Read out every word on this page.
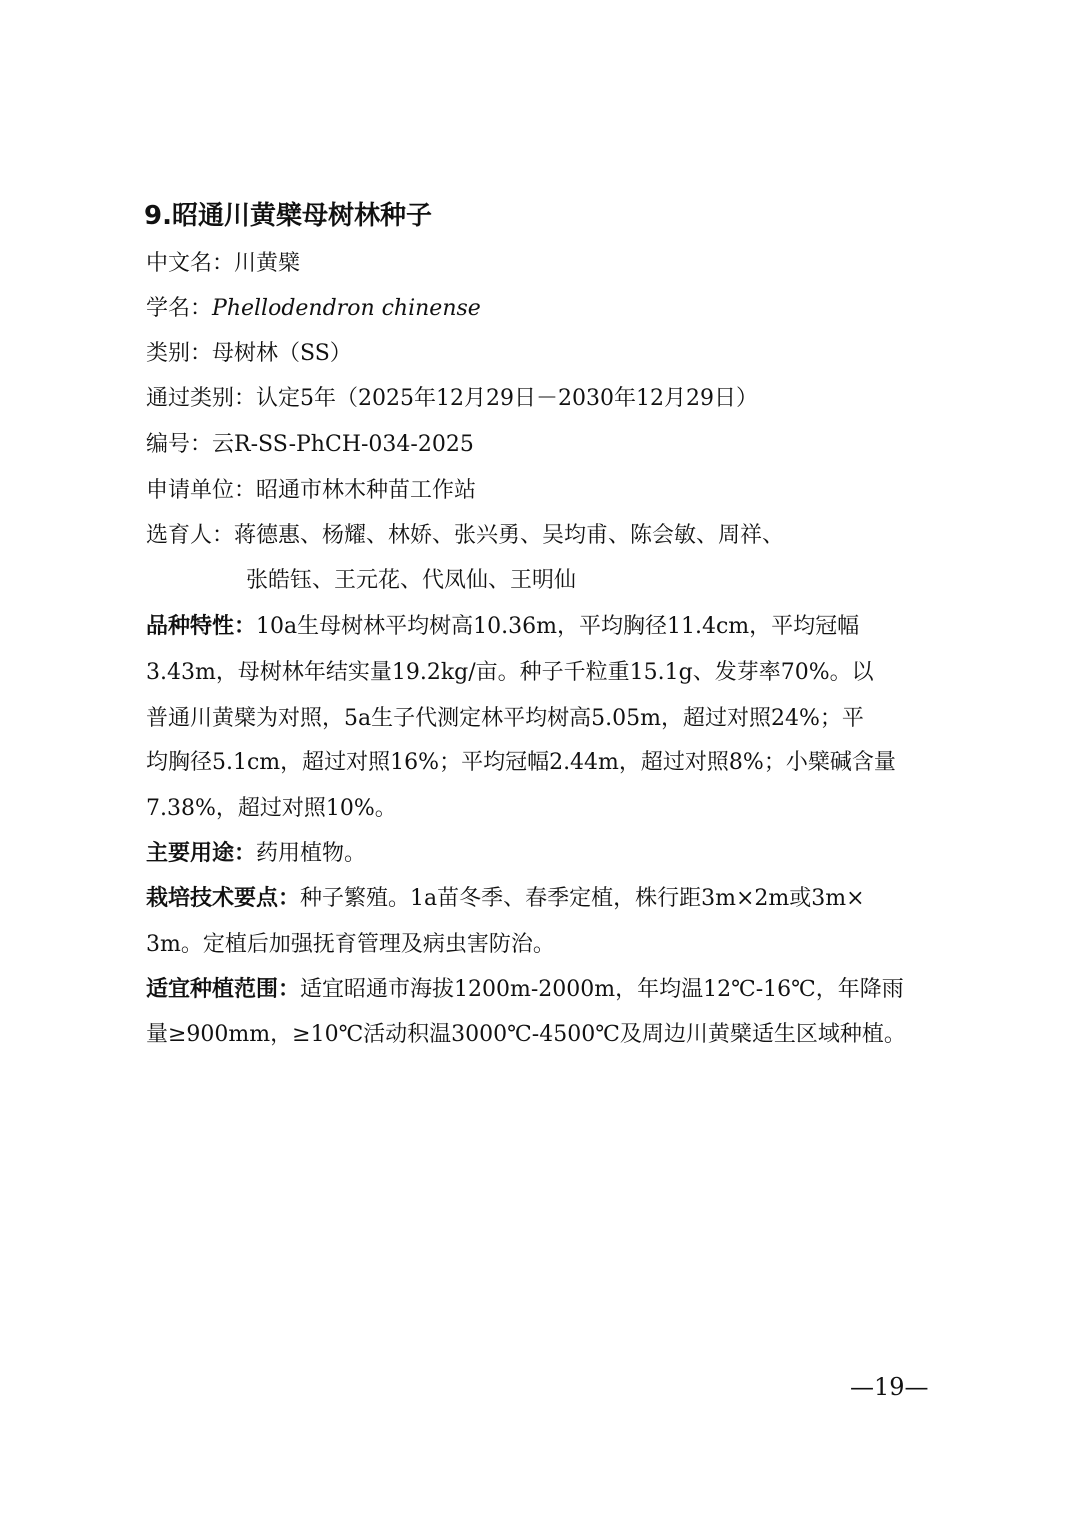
9.昭通川黄檗母树林种子
中文名：川黄檗
学名：Phellodendron chinense
类别：母树林（SS）
通过类别：认定5年（2025年12月29日－2030年12月29日）
编号：云R-SS-PhCH-034-2025
申请单位：昭通市林木种苗工作站
选育人：蒋德惠、杨耀、林娇、张兴勇、吴均甫、陈会敏、周祥、
张皓钰、王元花、代凤仙、王明仙
品种特性：10a生母树林平均树高10.36m，平均胸径11.4cm，平均冠幅
3.43m，母树林年结实量19.2kg/亩。种子千粒重15.1g、发芽率70%。以
普通川黄檗为对照，5a生子代测定林平均树高5.05m，超过对照24%；平
均胸径5.1cm，超过对照16%；平均冠幅2.44m，超过对照8%；小檗碱含量
7.38%，超过对照10%。
主要用途：药用植物。
栽培技术要点：种子繁殖。1a苗冬季、春季定植，株行距3m×2m或3m×
3m。定植后加强抚育管理及病虫害防治。
适宜种植范围：适宜昭通市海拔1200m-2000m，年均温12℃-16℃，年降雨
量≥900mm，≥10℃活动积温3000℃-4500℃及周边川黄檗适生区域种植。
—19—
